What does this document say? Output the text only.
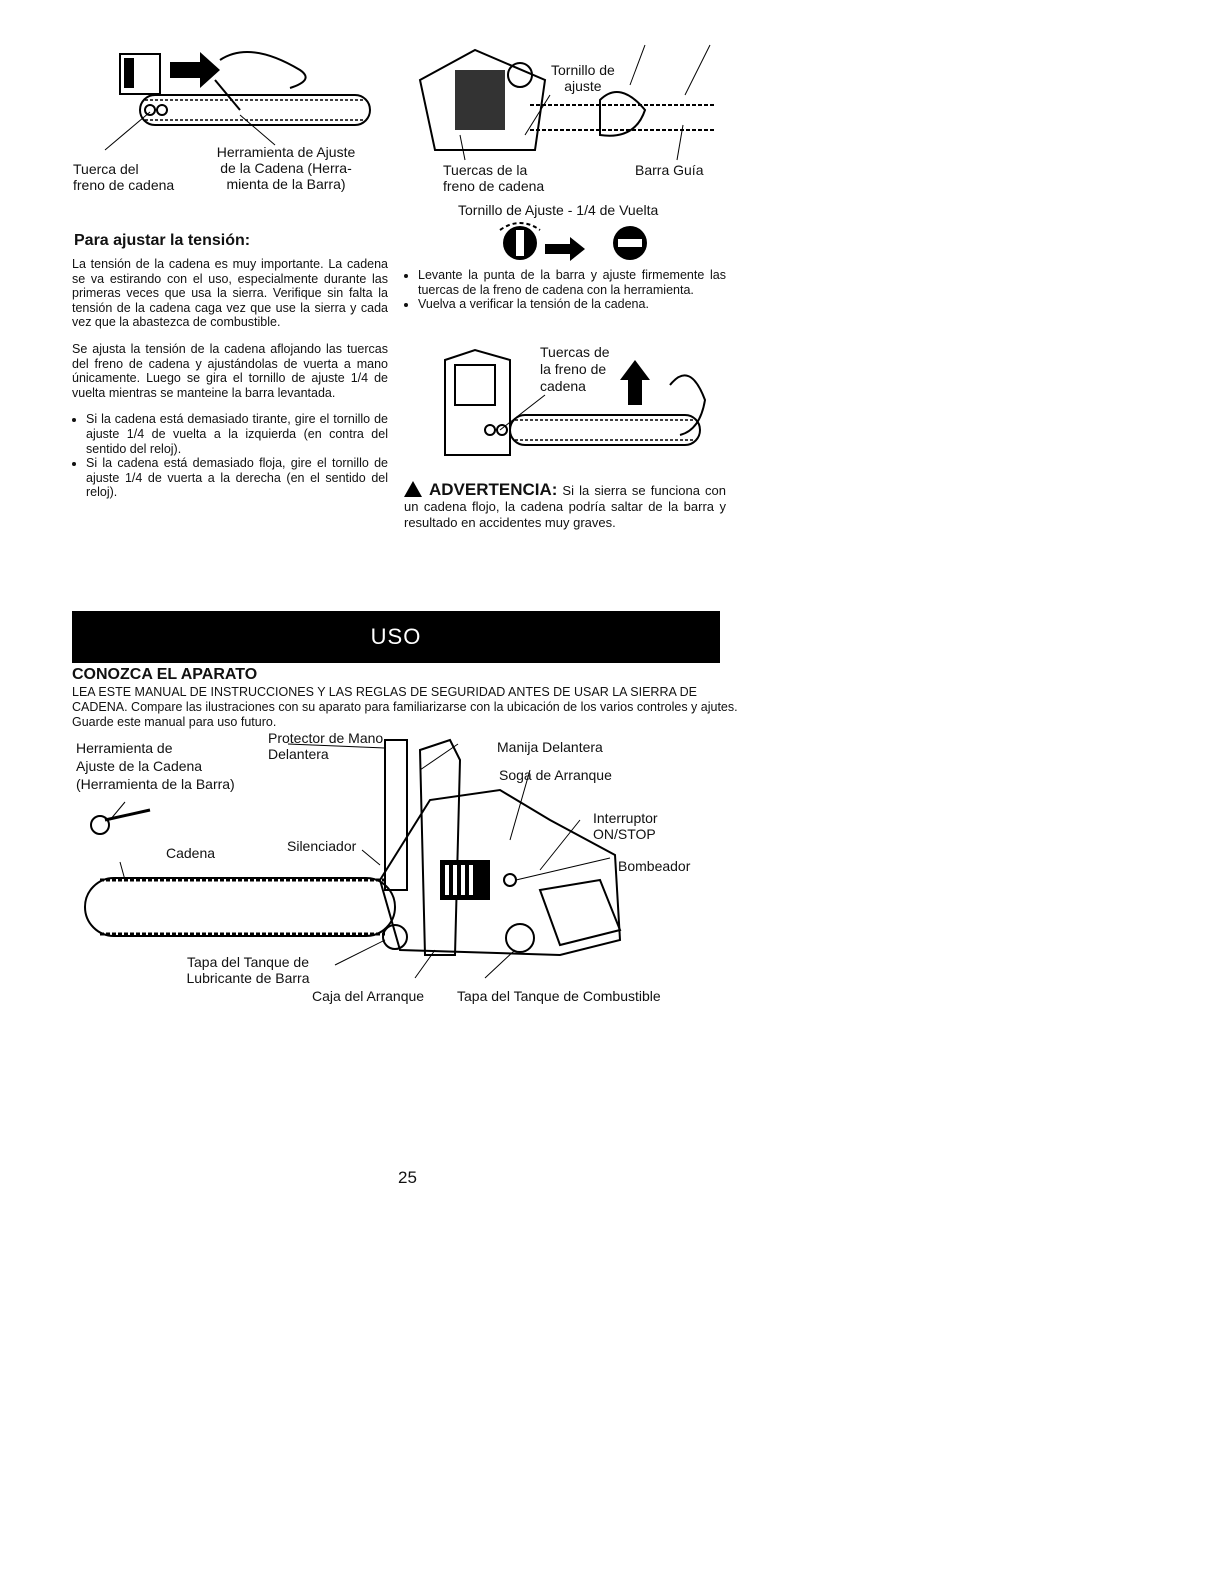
Tuerca del
freno de cadena
Herramienta de Ajuste
de la Cadena (Herra-
mienta de la Barra)
Tornillo de
ajuste
Tuercas de la
freno de cadena
Barra Guía
Tornillo de Ajuste - 1/4 de Vuelta
Para ajustar la tensión:

La tensión de la cadena es muy importante. La cadena se va estirando con el uso, especialmente durante las primeras veces que usa la sierra. Verifique sin falta la tensión de la cadena caga vez que use la sierra y cada vez que la abastezca de combustible.

Se ajusta la tensión de la cadena aflojando las tuercas del freno de cadena y ajustándolas de vuerta a mano únicamente. Luego se gira el tornillo de ajuste 1/4 de vuelta mientras se manteine la barra levantada.

• Si la cadena está demasiado tirante, gire el tornillo de ajuste 1/4 de vuelta a la izquierda (en contra del sentido del reloj).
• Si la cadena está demasiado floja, gire el tornillo de ajuste 1/4 de vuerta a la derecha (en el sentido del reloj).
• Levante la punta de la barra y ajuste firmemente las tuercas de la freno de cadena con la herramienta.
• Vuelva a verificar la tensión de la cadena.
Tuercas de
la freno de
cadena
ADVERTENCIA: Si la sierra se funciona con un cadena flojo, la cadena podría saltar de la barra y resultado en accidentes muy graves.
USO
CONOZCA EL APARATO
LEA ESTE MANUAL DE INSTRUCCIONES Y LAS REGLAS DE SEGURIDAD ANTES DE USAR LA SIERRA DE CADENA. Compare las ilustraciones con su aparato para familiarizarse con la ubicación de los varios controles y ajutes. Guarde este manual para uso futuro.
Herramienta de
Ajuste de la Cadena
(Herramienta de la Barra)
Protector de Mano
Delantera	Manija Delantera
Soga de Arranque
Interruptor
ON/STOP
Bombeador
Cadena	Silenciador
Tapa del Tanque de
Lubricante de Barra
Caja del Arranque Tapa del Tanque de Combustible
25
